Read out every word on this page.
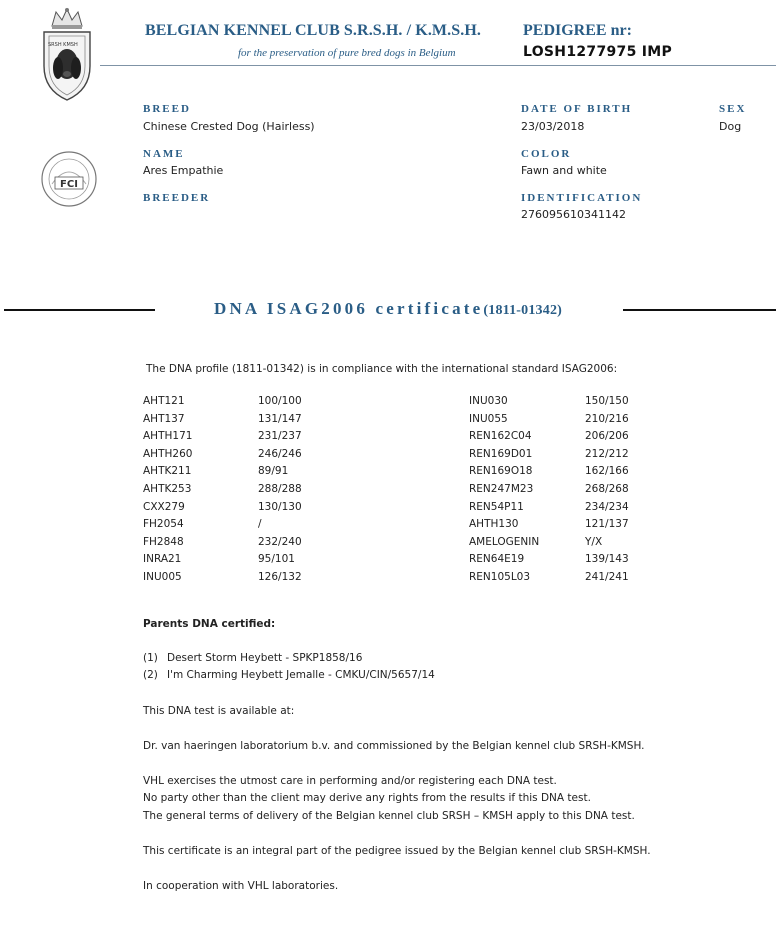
SRSH KMSH
FCI
BELGIAN KENNEL CLUB S.R.S.H. / K.M.S.H.
for the preservation of pure bred dogs in Belgium
PEDIGREE nr:
LOSH1277975 IMP
BREED
Chinese Crested Dog (Hairless)
DATE OF BIRTH
23/03/2018
SEX
Dog
NAME
Ares Empathie
COLOR
Fawn and white
BREEDER	IDENTIFICATION
276095610341142
DNA ISAG2006 certificate(1811-01342)
The DNA profile (1811-01342) is in compliance with the international standard ISAG2006:
AHT121	100/100
AHT137	131/147
AHTH171	231/237
AHTH260	246/246
AHTK211	89/91
AHTK253	288/288
CXX279	130/130
FH2054	/
FH2848	232/240
INRA21	95/101
INU005	126/132
INU030	150/150
INU055	210/216
REN162C04	206/206
REN169D01	212/212
REN169O18	162/166
REN247M23	268/268
REN54P11	234/234
AHTH130	121/137
AMELOGENIN	Y/X
REN64E19	139/143
REN105L03	241/241
Parents DNA certified:
(1) Desert Storm Heybett - SPKP1858/16
(2) I'm Charming Heybett Jemalle - CMKU/CIN/5657/14
This DNA test is available at:
Dr. van haeringen laboratorium b.v. and commissioned by the Belgian kennel club SRSH-KMSH.
VHL exercises the utmost care in performing and/or registering each DNA test.
No party other than the client may derive any rights from the results if this DNA test.
The general terms of delivery of the Belgian kennel club SRSH – KMSH apply to this DNA test.
This certificate is an integral part of the pedigree issued by the Belgian kennel club SRSH-KMSH.
In cooperation with VHL laboratories.
